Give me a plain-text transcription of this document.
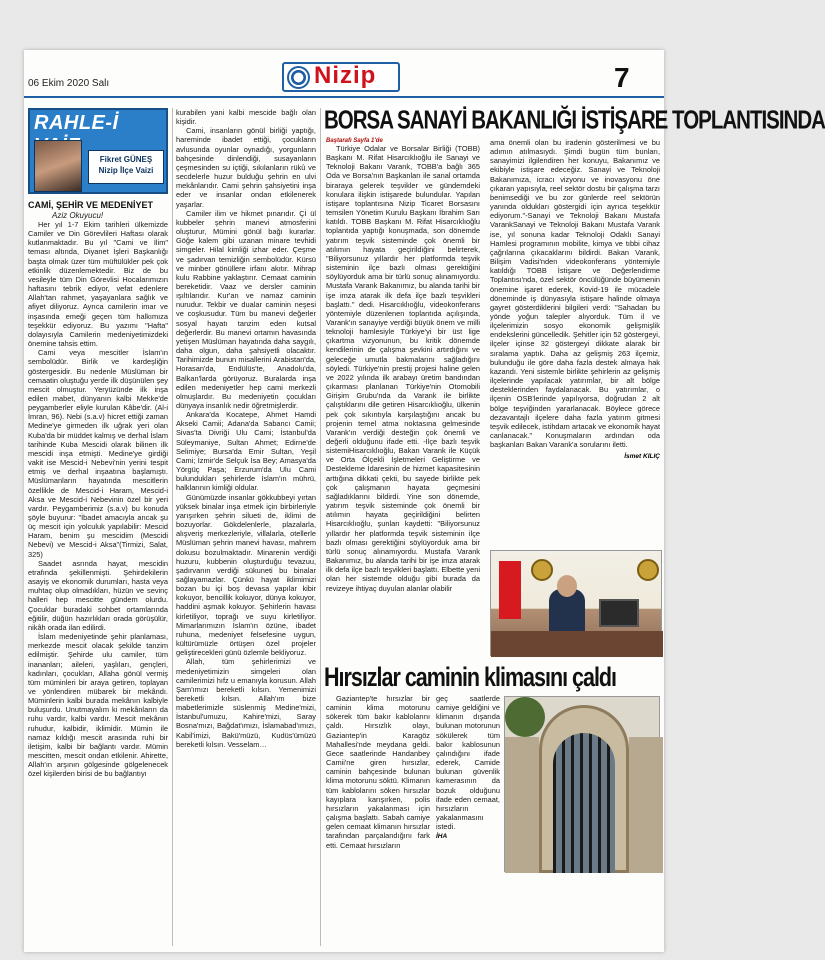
06 Ekim 2020 Salı	Nizip	7
RAHLE-İ
Fikret GÜNEŞ
Nizip İlçe Vaizi
CAMİ, ŞEHİR VE MEDENİYET
Aziz Okuyucu!

Her yıl 1-7 Ekim tarihleri ülkemizde Camiler ve Din Görevlileri Haftası olarak kutlanmaktadır. Bu yıl "Cami ve İlim" teması altında, Diyanet İşleri Başkanlığı başta olmak üzer tüm müftülükler pek çok etkinlik düzenlemektedir. Biz de bu vesileyle tüm Din Görevlisi Hocalarımızın haftasını tebrik ediyor, vefat edenlere Allah'tan rahmet, yaşayanlara sağlık ve afiyet diliyoruz. Ayrıca camilerin imar ve inşasında emeği geçen tüm halkımıza teşekkür ediyoruz. Bu yazımı "Hafta" dolayısıyla Camilerin medeniyetimizdeki önemine tahsis ettim.

Cami veya mescitler İslam'ın sembolüdür. Birlik ve kardeşliğin göstergesidir. Bu nedenle Müslüman bir cemaatin oluştuğu yerde ilk düşünülen şey mescit olmuştur. Yeryüzünde ilk inşa edilen mabet, dünyanın kalbi Mekke'de peygamberler eliyle kurulan Kâbe'dir. (Al-i İmran, 96). Nebi (s.a.v) hicret ettiği zaman Medine'ye girmeden ilk uğrak yeri olan Kuba'da bir müddet kalmış ve derhal İslam tarihinde Kuba Mescidi olarak bilinen ilk mescidi inşa etmişti. Medine'ye girdiği vakit ise Mescid-i Nebevi'nin yerini tespit etmiş ve derhal inşaatına başlamıştı. Müslümanların hayatında mescitlerin özellikle de Mescid-i Haram, Mescid-i Aksa ve Mescid-i Nebevinin özel bir yeri vardır. Peygamberimiz (s.a.v) bu konuda şöyle buyurur: "İbadet amacıyla ancak şu üç mescit için yolculuk yapılabilir: Mescid Haram, benim şu mescidim (Mescidi Nebevi) ve Mescid-i Aksa"(Tirmizi, Salat, 325)

Saadet asrında hayat, mescidin etrafında şekillenmişti. Şehirdekilerin asayiş ve ekonomik durumları, hasta veya muhtaç olup olmadıkları, hüzün ve sevinç halleri hep mescitte gündem olurdu. Çocuklar buradaki sohbet ortamlarında eğitilir, düğün hazırlıkları orada görüşülür, nikâh orada ilan edilirdi.

İslam medeniyetinde şehir planlaması, merkezde mescit olacak şekilde tanzim edilmiştir. Şehirde ulu camiler, tüm inananları; aileleri, yaşlıları, gençleri, kadınları, çocukları, Allaha gönül vermiş tüm müminleri bir araya getiren, toplayan ve yönlendiren mübarek bir mekândı. Müminlerin kalbi burada mekânın kalbiyle buluşurdu. Unutmayalım ki mekânların da ruhu vardır, kalbi vardır. Mescit mekânın ruhudur, kalbidir, iklimidir. Mümin ile namaz kıldığı mescit arasında ruhi bir iletişim, kalbi bir bağlantı vardır. Mümin mescitten, mescit ondan etkilenir. Ahirette, Allah'ın arşının gölgesinde gölgelenecek özel kişilerden birisi de bu bağlantıyı

kurabilen yani kalbi mescide bağlı olan kişidir.

Cami, insanların gönül birliği yaptığı, hareminde ibadet ettiği, çocukların avlusunda oyunlar oynadığı, yorgunların bahçesinde dinlendiği, susayanların çeşmesinden su içtiği, sıkılanların rükû ve secdelerle huzur bulduğu şehrin en ulvi mekânlarıdır. Cami şehrin şahsiyetini inşa eder ve insanlar ondan etkilenerek yaşarlar.

Camiler ilim ve hikmet pınarıdır. Çİ ül kubbeler şehrin manevi atmosferini oluşturur, Mümini gönül bağı kurarlar. Göğe kalem gibi uzanan minare tevhidi simgeler. Hilal kimliği izhar eder. Çeşme ve şadırvan temizliğin sembolüdür. Kürsü ve minber gönüllere irfanı akıtır. Mihrap kulu Rabbine yaklaştırır. Cemaat caminin bereketidir. Vaaz ve dersler caminin ışıltılarıdır. Kur'an ve namaz caminin nurudur. Tekbir ve dualar caminin neşesi ve coşkusudur. Tüm bu manevi değerler sosyal hayatı tanzim eden kutsal değerlerdir. Bu manevi ortamın havasında yetişen Müslüman hayatında daha saygılı, daha olgun, daha şahsiyetli olacaktır. Tarihimizde bunun misallerini Arabistan'da, Horasan'da, Endülüs'te, Anadolu'da, Balkan'larda görüyoruz. Buralarda inşa edilen medeniyetler hep cami merkezli olmuşlardır. Bu medeniyetin çocukları dünyaya insanlık nedir öğretmişlerdir.

Ankara'da Kocatepe, Ahmet Hamdi Akseki Camii; Adana'da Sabancı Camii; Sivas'ta Divriği Ulu Cami; İstanbul'da Süleymaniye, Sultan Ahmet; Edirne'de Selimiye; Bursa'da Emir Sultan, Yeşil Cami; İzmir'de Selçuk İsa Bey; Amasya'da Yörgüç Paşa; Erzurum'da Ulu Cami bulundukları şehirlerde İslam'ın mührü, halklarının kimliği oldular.

Günümüzde insanlar gökkubbeyi yırtan yüksek binalar inşa etmek için birbirleriyle yarışırken şehrin silueti de, iklimi de bozuyorlar. Gökdelenlerle, plazalarla, alışveriş merkezleriyle, villalarla, otellerle Müslüman şehrin manevi havası, mahrem dokusu bozulmaktadır. Minarenin verdiği huzuru, kubbenin oluşturduğu tevazuu, şadırvanın verdiği sükuneti bu binalar sağlayamazlar. Çünkü hayat iklimimizi bozan bu içi boş devasa yapılar kibir kokuyor, bencillik kokuyor, dünya kokuyor, haddini aşmak kokuyor. Şehirlerin havası kirletiliyor, toprağı ve suyu kirletiliyor. Mimarlarımızın İslam'ın özüne, ibadet ruhuna, medeniyet felsefesine uygun, kültürümüzle örtüşen özel projeler geliştirecekleri günü özlemle bekliyoruz.

Allah, tüm şehirlerimizi ve medeniyetimizin simgeleri olan camilerimizi hıfz u emanıyla korusun. Allah Şam'ımızı bereketli kılsın. Yemenimizi bereketli kılsın. Allah'ım bize mabetlerimizle süslenmiş Medine'mizi, İstanbul'umuzu, Kahire'mizi, Saray Bosna'mızı, Bağdat'ımızı, İslamabad'ımızı, Kabil'imizi, Bakü'müzü, Kudüs'ümüzü bereketli kılsın. Vesselam…

BORSA SANAYİ BAKANLIĞI İSTİŞARE TOPLANTISINDA
Baştarafı Sayfa 1'de

Türkiye Odalar ve Borsalar Birliği (TOBB) Başkanı M. Rifat Hisarcıklıoğlu ile Sanayi ve Teknoloji Bakanı Varank, TOBB'a bağlı 365 Oda ve Borsa'nın Başkanları ile sanal ortamda biraraya gelerek teşvikler ve gündemdeki konulara ilişkin istişarede bulundular. Yapılan istişare toplantısına Nizip Ticaret Borsasını temsilen Yönetim Kurulu Başkanı İbrahim Sarı katıldı. TOBB Başkanı M. Rifat Hisarcıklıoğlu toplantıda yaptığı konuşmada, son dönemde yatırım teşvik sisteminde çok önemli bir atılımın hayata geçirildiğini belirterek, "Biliyorsunuz yıllardır her platformda teşvik sisteminin ilçe bazlı olması gerektiğini söylüyorduk ama bir türlü sonuç alınamıyordu. Mustafa Varank Bakanımız, bu alanda tarihi bir işe imza atarak ilk defa ilçe bazlı teşvikleri başlattı." dedi. Hisarcıklıoğlu, videokonferans yöntemiyle düzenlenen toplantıda açılışında, Varank'ın sanayiye verdiği büyük önem ve milli teknoloji hamlesiyle Türkiye'yi bir üst lige çıkartma vizyonunun, bu kritik dönemde kendilerinin de çalışma şevkini artırdığını ve geleceğe umutla bakmalarını sağladığını söyledi. Türkiye'nin prestij projesi haline gelen ve 2022 yılında ilk arabayı üretim bandından çıkarması planlanan Türkiye'nin Otomobili Girişim Grubu'nda da Varank ile birlikte çalıştıklarını dile getiren Hisarcıklıoğlu, ülkenin pek çok sıkıntıyla karşılaştığını ancak bu projenin temel atma noktasına gelmesinde Varank'ın verdiği desteğin çok önemli ve değerli olduğunu ifade etti. -İlçe bazlı teşvik sistemiHisarcıklıoğlu, Bakan Varank ile Küçük ve Orta Ölçekli İşletmeleri Geliştirme ve Destekleme İdaresinin de hizmet kapasitesinin arttığına dikkati çekti, bu sayede birlikte pek çok çalışmanın hayata geçmesini sağladıklarını bildirdi. Yine son dönemde, yatırım teşvik sisteminde çok önemli bir atılımın hayata geçirildiğini belirten Hisarcıklıoğlu, şunları kaydetti: "Biliyorsunuz yıllardır her platformda teşvik sisteminin ilçe bazlı olması gerektiğini söylüyorduk ama bir türlü sonuç alınamıyordu. Mustafa Varank Bakanımız, bu alanda tarihi bir işe imza atarak ilk defa ilçe bazlı teşvikleri başlattı. Elbette yeni olan her sistemde olduğu gibi burada da revizeye ihtiyaç duyulan alanlar olabilir

ama önemli olan bu iradenin gösterilmesi ve bu adımın atılmasıydı. Şimdi bugün tüm bunları, sanayimizi ilgilendiren her konuyu, Bakanımız ve ekibiyle istişare edeceğiz. Sanayi ve Teknoloji Bakanımıza, icracı vizyonu ve inovasyonu öne çıkaran yapısıyla, reel sektör dostu bir çalışma tarzı benimsediği ve bu zor günlerde reel sektörün yanında oldukları göstergidi için ayrıca teşekkür ediyorum."-Sanayi ve Teknoloji Bakanı Mustafa VarankSanayi ve Teknoloji Bakanı Mustafa Varank ise, yıl sonuna kadar Teknoloji Odaklı Sanayi Hamlesi programının mobilite, kimya ve tıbbi cihaz çağrılarına çıkacaklarını bildirdi. Bakan Varank, Bilişim Vadisi'nden videokonferans yöntemiyle katıldığı TOBB İstişare ve Değerlendirme Toplantısı'nda, özel sektör öncülüğünde büyümenin önemine işaret ederek, Kovid-19 ile mücadele döneminde iş dünyasıyla istişare halinde olmaya gayret gösterdiklerini bilgileri verdi: "Sahadan bu yönde yoğun talepler alıyorduk. Tüm il ve ilçelerimizin sosyo ekonomik gelişmişlik endekslerini güncelledik. Şehitler için 52 göstergeyi, ilçeler içinse 32 göstergeyi dikkate alarak bir sıralama yaptık. Daha az gelişmiş 263 ilçemiz, bulunduğu ile göre daha fazla destek almaya hak kazandı. Yeni sistemle birlikte şehirlerin az gelişmiş ilçelerinde yapılacak yatırımlar, bir alt bölge desteklerinden faydalanacak. Bu yatırımlar, o ilçenin OSB'lerinde yapılıyorsa, doğrudan 2 alt bölge teşviğinden yararlanacak. Böylece görece dezavantajlı ilçelere daha fazla yatırım gitmesi teşvik edilecek, istihdam artacak ve ekonomik hayat canlanacak." Konuşmaların ardından oda başkanları Bakan Varank'a sorularını iletti.

İsmet KILIÇ
Hırsızlar caminin klimasını çaldı

Gaziantep'te hırsızlar bir caminin klima motorunu sökerek tüm bakır kablolarını çaldı. Hırsızlık olayı, Gaziantep'in Karagöz Mahallesi'nde meydana geldi. Gece saatlerinde Handanbey Camii'ne giren hırsızlar, caminin bahçesinde bulunan klima motorunu söktü. Klimanın tüm kablolarını söken hırsızlar kayıplara karışırken, polis hırsızların yakalanması için çalışma başlattı. Sabah camiye gelen cemaat klimanın hırsızlar tarafından parçalandığını fark etti. Cemaat hırsızların

geç saatlerde camiye geldiğini ve klimanın dışarıda bulunan motorunun sökülerek tüm bakır kablosunun çalındığını ifade ederek, Camide bulunan güvenlik kamerasının da bozuk olduğunu ifade eden cemaat, hırsızların yakalanmasını istedi.

İHA
